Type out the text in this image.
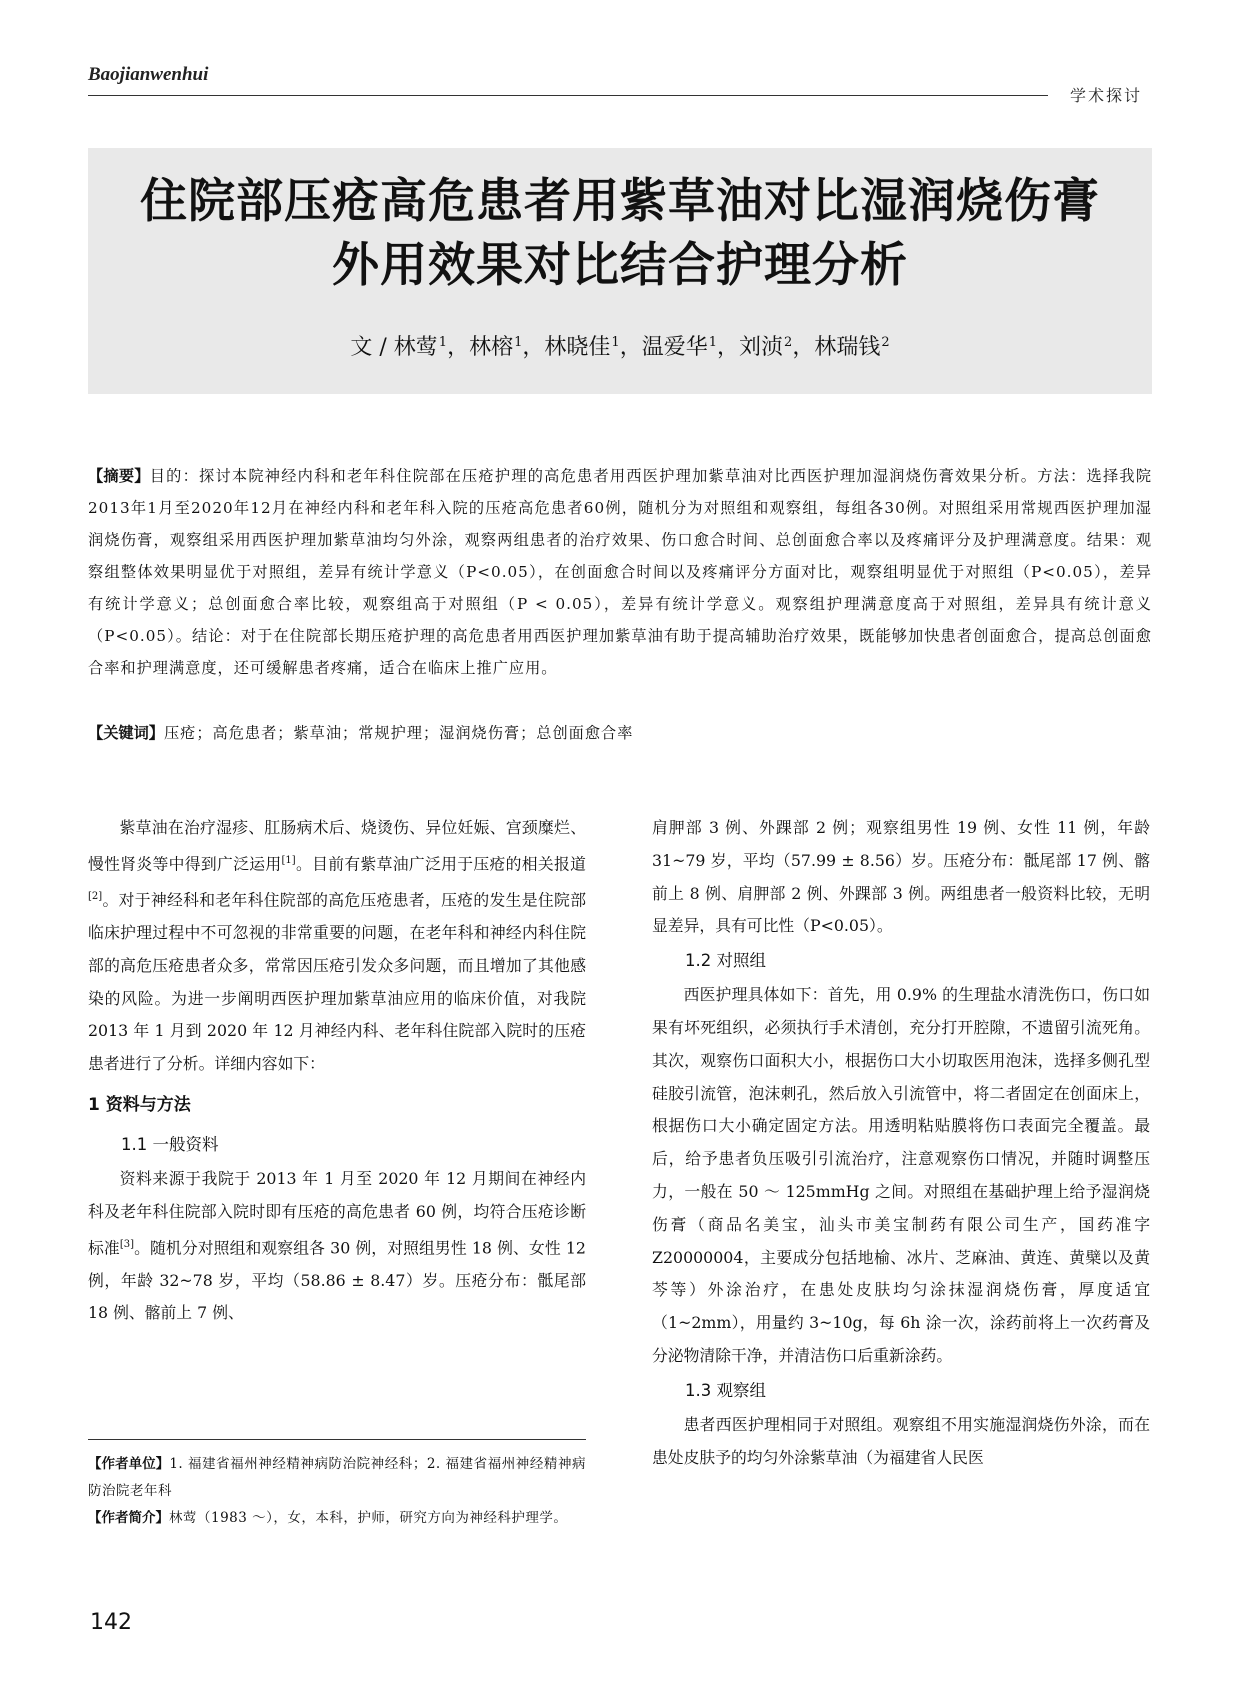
Baojianwenhui
学术探讨
住院部压疮高危患者用紫草油对比湿润烧伤膏
外用效果对比结合护理分析
文 / 林莺$^1$，林榕$^1$，林晓佳$^1$，温爱华$^1$，刘浈$^2$，林瑞钱$^2$
【摘要】目的：探讨本院神经内科和老年科住院部在压疮护理的高危患者用西医护理加紫草油对比西医护理加湿润烧伤膏效果分析。方法：选择我院2013年1月至2020年12月在神经内科和老年科入院的压疮高危患者60例，随机分为对照组和观察组，每组各30例。对照组采用常规西医护理加湿润烧伤膏，观察组采用西医护理加紫草油均匀外涂，观察两组患者的治疗效果、伤口愈合时间、总创面愈合率以及疼痛评分及护理满意度。结果：观察组整体效果明显优于对照组，差异有统计学意义（P<0.05），在创面愈合时间以及疼痛评分方面对比，观察组明显优于对照组（P<0.05），差异有统计学意义；总创面愈合率比较，观察组高于对照组（P < 0.05），差异有统计学意义。观察组护理满意度高于对照组，差异具有统计意义（P<0.05）。结论：对于在住院部长期压疮护理的高危患者用西医护理加紫草油有助于提高辅助治疗效果，既能够加快患者创面愈合，提高总创面愈合率和护理满意度，还可缓解患者疼痛，适合在临床上推广应用。
【关键词】压疮；高危患者；紫草油；常规护理；湿润烧伤膏；总创面愈合率

紫草油在治疗湿疹、肛肠病术后、烧烫伤、异位妊娠、宫颈糜烂、慢性肾炎等中得到广泛运用[1]。目前有紫草油广泛用于压疮的相关报道[2]。对于神经科和老年科住院部的高危压疮患者，压疮的发生是住院部临床护理过程中不可忽视的非常重要的问题，在老年科和神经内科住院部的高危压疮患者众多，常常因压疮引发众多问题，而且增加了其他感染的风险。为进一步阐明西医护理加紫草油应用的临床价值，对我院 2013 年 1 月到 2020 年 12 月神经内科、老年科住院部入院时的压疮患者进行了分析。详细内容如下：

1 资料与方法
1.1 一般资料

资料来源于我院于 2013 年 1 月至 2020 年 12 月期间在神经内科及老年科住院部入院时即有压疮的高危患者 60 例，均符合压疮诊断标准[3]。随机分对照组和观察组各 30 例，对照组男性 18 例、女性 12 例，年龄 32~78 岁，平均（58.86 ± 8.47）岁。压疮分布：骶尾部 18 例、髂前上 7 例、

肩胛部 3 例、外踝部 2 例；观察组男性 19 例、女性 11 例，年龄 31~79 岁，平均（57.99 ± 8.56）岁。压疮分布：骶尾部 17 例、髂前上 8 例、肩胛部 2 例、外踝部 3 例。两组患者一般资料比较，无明显差异，具有可比性（P<0.05）。

1.2 对照组

西医护理具体如下：首先，用 0.9% 的生理盐水清洗伤口，伤口如果有坏死组织，必须执行手术清创，充分打开腔隙，不遗留引流死角。其次，观察伤口面积大小，根据伤口大小切取医用泡沫，选择多侧孔型硅胶引流管，泡沫刺孔，然后放入引流管中，将二者固定在创面床上，根据伤口大小确定固定方法。用透明粘贴膜将伤口表面完全覆盖。最后，给予患者负压吸引引流治疗，注意观察伤口情况，并随时调整压力，一般在 50 ～ 125mmHg 之间。对照组在基础护理上给予湿润烧伤膏（商品名美宝，汕头市美宝制药有限公司生产，国药准字 Z20000004，主要成分包括地榆、冰片、芝麻油、黄连、黄檗以及黄芩等）外涂治疗，在患处皮肤均匀涂抹湿润烧伤膏，厚度适宜（1~2mm），用量约 3~10g，每 6h 涂一次，涂药前将上一次药膏及分泌物清除干净，并清洁伤口后重新涂药。

1.3 观察组

患者西医护理相同于对照组。观察组不用实施湿润烧伤外涂，而在患处皮肤予的均匀外涂紫草油（为福建省人民医

【作者单位】1. 福建省福州神经精神病防治院神经科；2. 福建省福州神经精神病防治院老年科

【作者简介】林莺（1983 ～），女，本科，护师，研究方向为神经科护理学。

142
